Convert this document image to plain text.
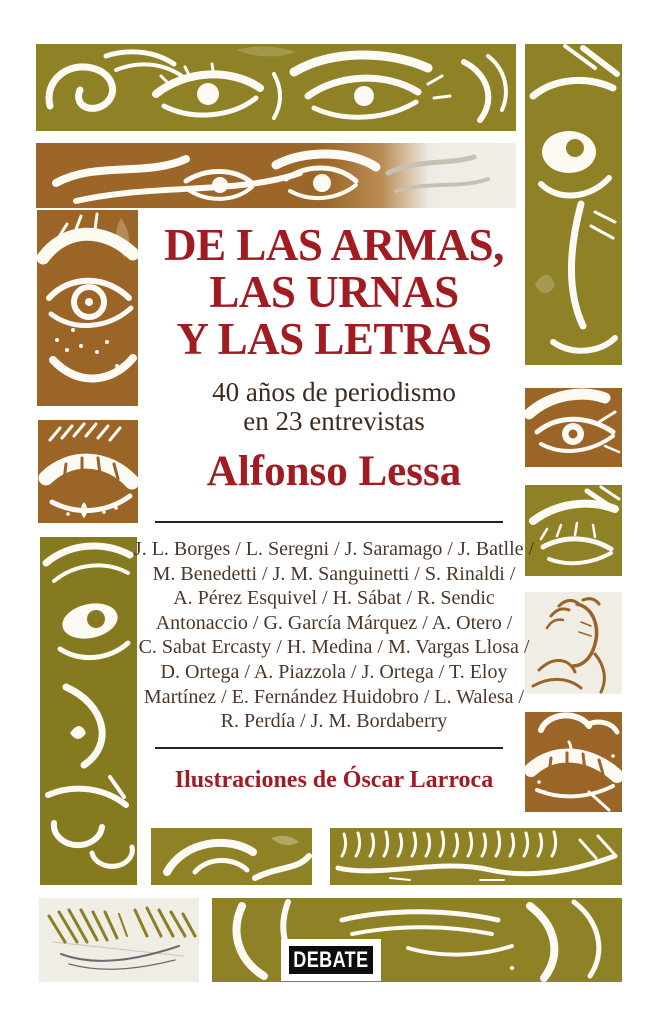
DE LAS ARMAS,
LAS URNAS
Y LAS LETRAS
40 años de periodismo
en 23 entrevistas
Alfonso Lessa
J. L. Borges / L. Seregni / J. Saramago / J. Batlle /
M. Benedetti / J. M. Sanguinetti / S. Rinaldi /
A. Pérez Esquivel / H. Sábat / R. Sendic
Antonaccio / G. García Márquez / A. Otero /
C. Sabat Ercasty / H. Medina / M. Vargas Llosa /
D. Ortega / A. Piazzola / J. Ortega / T. Eloy
Martínez / E. Fernández Huidobro / L. Walesa /
R. Perdía / J. M. Bordaberry
Ilustraciones de Óscar Larroca
DEBATE
